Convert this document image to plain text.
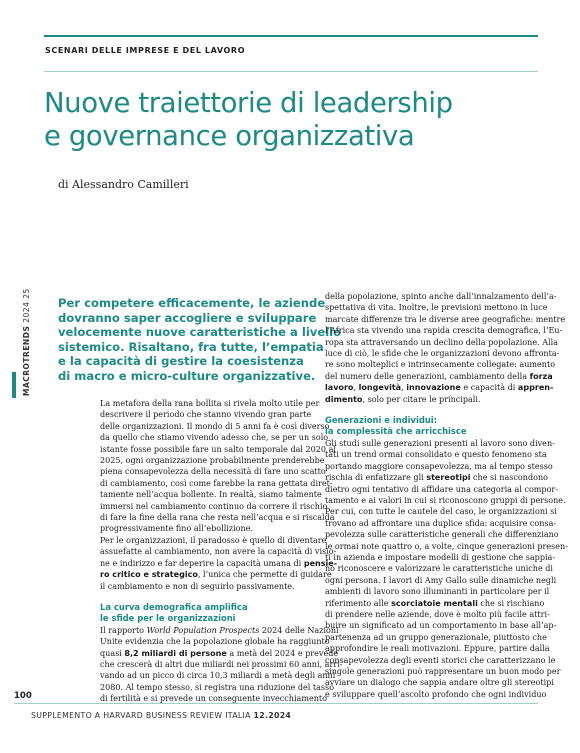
SCENARI DELLE IMPRESE E DEL LAVORO
Nuove traiettorie di leadership
e governance organizzativa
di Alessandro Camilleri
MACROTRENDS 2024 25 Per competere efficacemente, le aziende
dovranno saper accogliere e sviluppare
velocemente nuove caratteristiche a livello
sistemico. Risaltano, fra tutte, l’empatia
e la capacità di gestire la coesistenza
di macro e micro-culture organizzative.
La metafora della rana bollita si rivela molto utile per
descrivere il periodo che stanno vivendo gran parte
delle organizzazioni. Il mondo di 5 anni fa è così diverso
da quello che stiamo vivendo adesso che, se per un solo
istante fosse possibile fare un salto temporale dal 2020 al
2025, ogni organizzazione probabilmente prenderebbe
piena consapevolezza della necessità di fare uno scatto
di cambiamento, così come farebbe la rana gettata diret-
tamente nell’acqua bollente. In realtà, siamo talmente
immersi nel cambiamento continuo da correre il rischio
di fare la fine della rana che resta nell’acqua e si riscalda
progressivamente fino all’ebollizione.
Per le organizzazioni, il paradosso è quello di diventare
assuefatte al cambiamento, non avere la capacità di visio-
ne e indirizzo e far deperire la capacità umana di pensie-
ro critico e strategico, l’unica che permette di guidare
il cambiamento e non di seguirlo passivamente.
La curva demografica amplifica
le sfide per le organizzazioni
Il rapporto World Population Prospects 2024 delle Nazioni
Unite evidenzia che la popolazione globale ha raggiunto
quasi 8,2 miliardi di persone a metà del 2024 e prevede
che crescerà di altri due miliardi nei prossimi 60 anni, arri-
vando ad un picco di circa 10,3 miliardi a metà degli anni
2080. Al tempo stesso, si registra una riduzione del tasso
di fertilità e si prevede un conseguente invecchiamento
della popolazione, spinto anche dall’innalzamento dell’a-
spettativa di vita. Inoltre, le previsioni mettono in luce
marcate differenze tra le diverse aree geografiche: mentre
l’Africa sta vivendo una rapida crescita demografica, l’Eu-
ropa sta attraversando un declino della popolazione. Alla
luce di ciò, le sfide che le organizzazioni devono affronta-
re sono molteplici e intrinsecamente collegate: aumento
del numero delle generazioni, cambiamento della forza
lavoro, longevità, innovazione e capacità di appren-
dimento, solo per citare le principali.
Generazioni e individui:
la complessità che arricchisce
Gli studi sulle generazioni presenti al lavoro sono diven-
tati un trend ormai consolidato e questo fenomeno sta
portando maggiore consapevolezza, ma al tempo stesso
rischia di enfatizzare gli stereotipi che si nascondono
dietro ogni tentativo di affidare una categoria al compor-
tamento e ai valori in cui si riconoscono gruppi di persone.
Per cui, con tutte le cautele del caso, le organizzazioni si
trovano ad affrontare una duplice sfida: acquisire consa-
pevolezza sulle caratteristiche generali che differenziano
le ormai note quattro o, a volte, cinque generazioni presen-
ti in azienda e impostare modelli di gestione che sappia-
no riconoscere e valorizzare le caratteristiche uniche di
ogni persona. I lavori di Amy Gallo sulle dinamiche negli
ambienti di lavoro sono illuminanti in particolare per il
riferimento alle scorciatoie mentali che si rischiano
di prendere nelle aziende, dove è molto più facile attri-
buire un significato ad un comportamento in base all’ap-
partenenza ad un gruppo generazionale, piuttosto che
approfondire le reali motivazioni. Eppure, partire dalla
consapevolezza degli eventi storici che caratterizzano le
singole generazioni può rappresentare un buon modo per
avviare un dialogo che sappia andare oltre gli stereotipi
e sviluppare quell’ascolto profondo che ogni individuo
100
SUPPLEMENTO A HARVARD BUSINESS REVIEW ITALIA 12.2024
